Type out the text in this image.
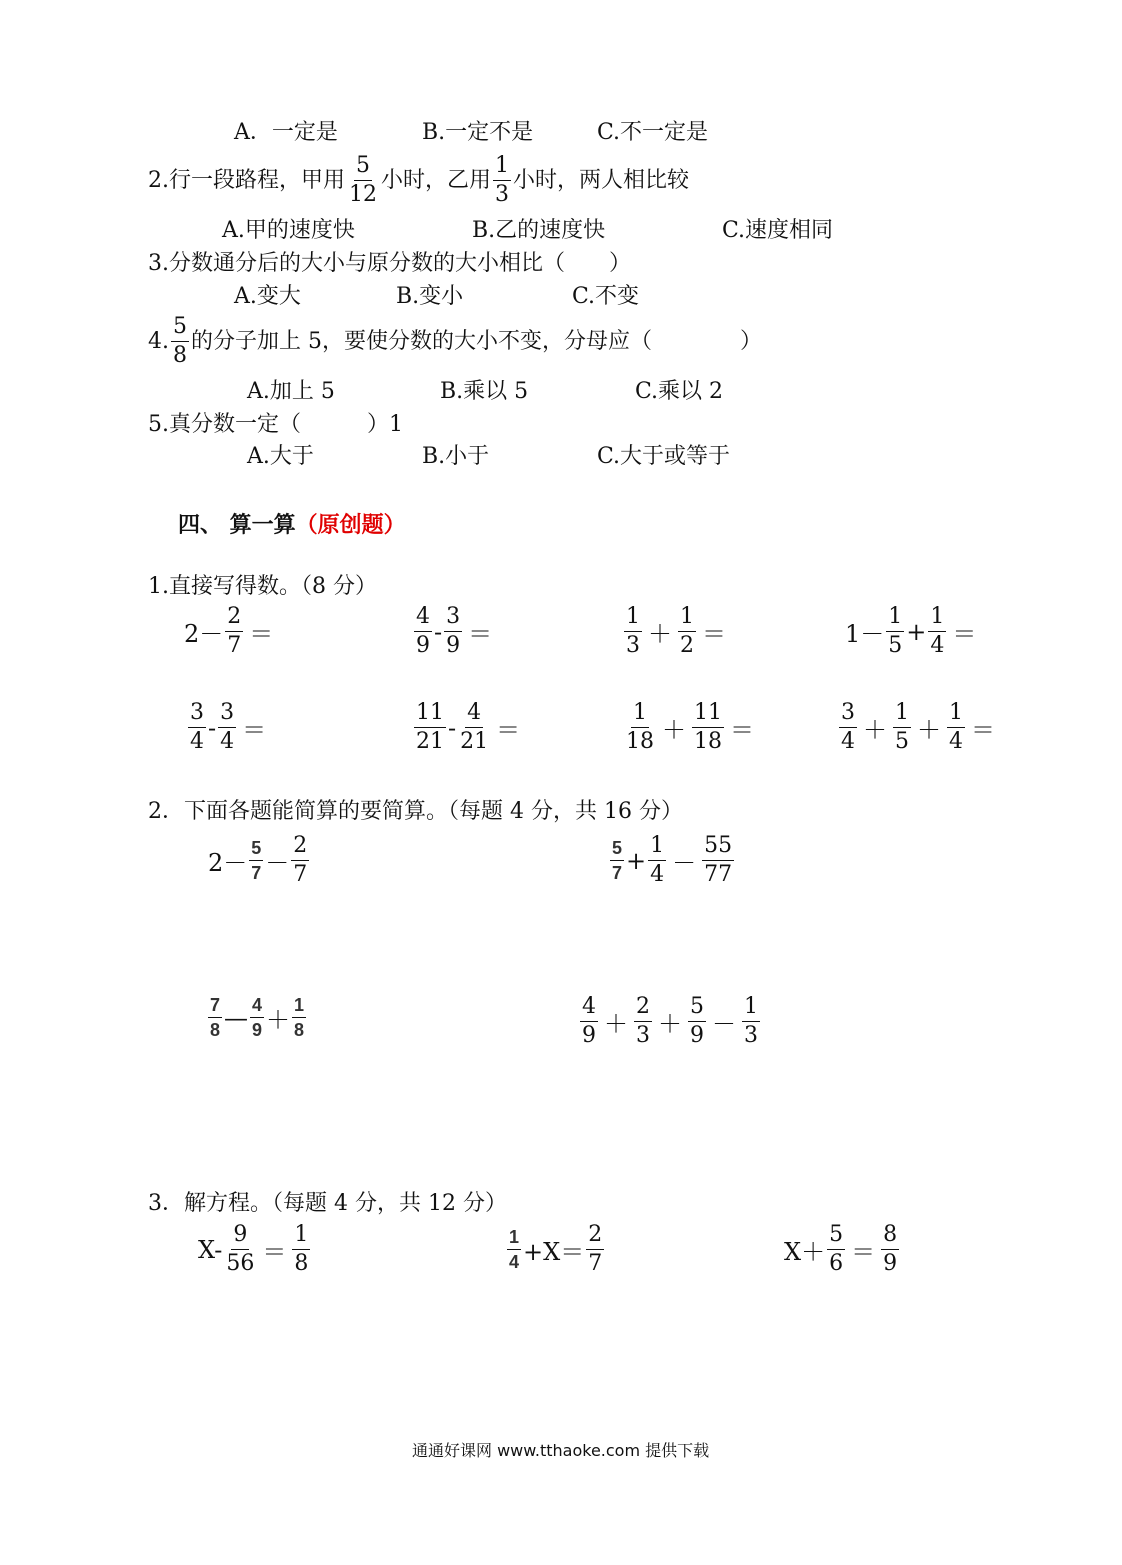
A．一定是	B.一定不是	C.不一定是
2.行一段路程，甲用 $\frac{5}{12}$ 小时，乙用 $\frac{1}{3}$ 小时，两人相比较
A.甲的速度快	B.乙的速度快	C.速度相同
3.分数通分后的大小与原分数的大小相比（　　）
A.变大	B.变小	C.不变
4. $\frac{5}{8}$ 的分子加上 5，要使分数的大小不变，分母应（　　　　）
A.加上 5	B.乘以 5	C.乘以 2
5.真分数一定（　　　）1
A.大于	B.小于	C.大于或等于
四、 算一算（原创题）
1.直接写得数。（8 分）
$2- \frac{2}{7}$ ＝	$\frac{4}{9} - \frac{3}{9}$ ＝	$\frac{1}{3} + \frac{1}{2}$ ＝	$1- \frac{1}{5} + \frac{1}{4}$ ＝
$\frac{3}{4} - \frac{3}{4}$ ＝	$\frac{11}{21} - \frac{4}{21}$ ＝	$\frac{1}{18} + \frac{11}{18}$ ＝	$\frac{3}{4} + \frac{1}{5} + \frac{1}{4}$ ＝
2．下面各题能简算的要简算。（每题 4 分，共 16 分）
$2- \frac{5}{7} - \frac{2}{7}$	$\frac{5}{7} + \frac{1}{4} - \frac{55}{77}$
$\frac{7}{8}$ — $\frac{4}{9} + \frac{1}{8}$	$\frac{4}{9} + \frac{2}{3} + \frac{5}{9} - \frac{1}{3}$
3．解方程。（每题 4 分，共 12 分）
$X- \frac{9}{56} = \frac{1}{8}$	$\frac{1}{4} +X= \frac{2}{7}$	$X+ \frac{5}{6} = \frac{8}{9}$
通通好课网 www.tthaoke.com 提供下载
